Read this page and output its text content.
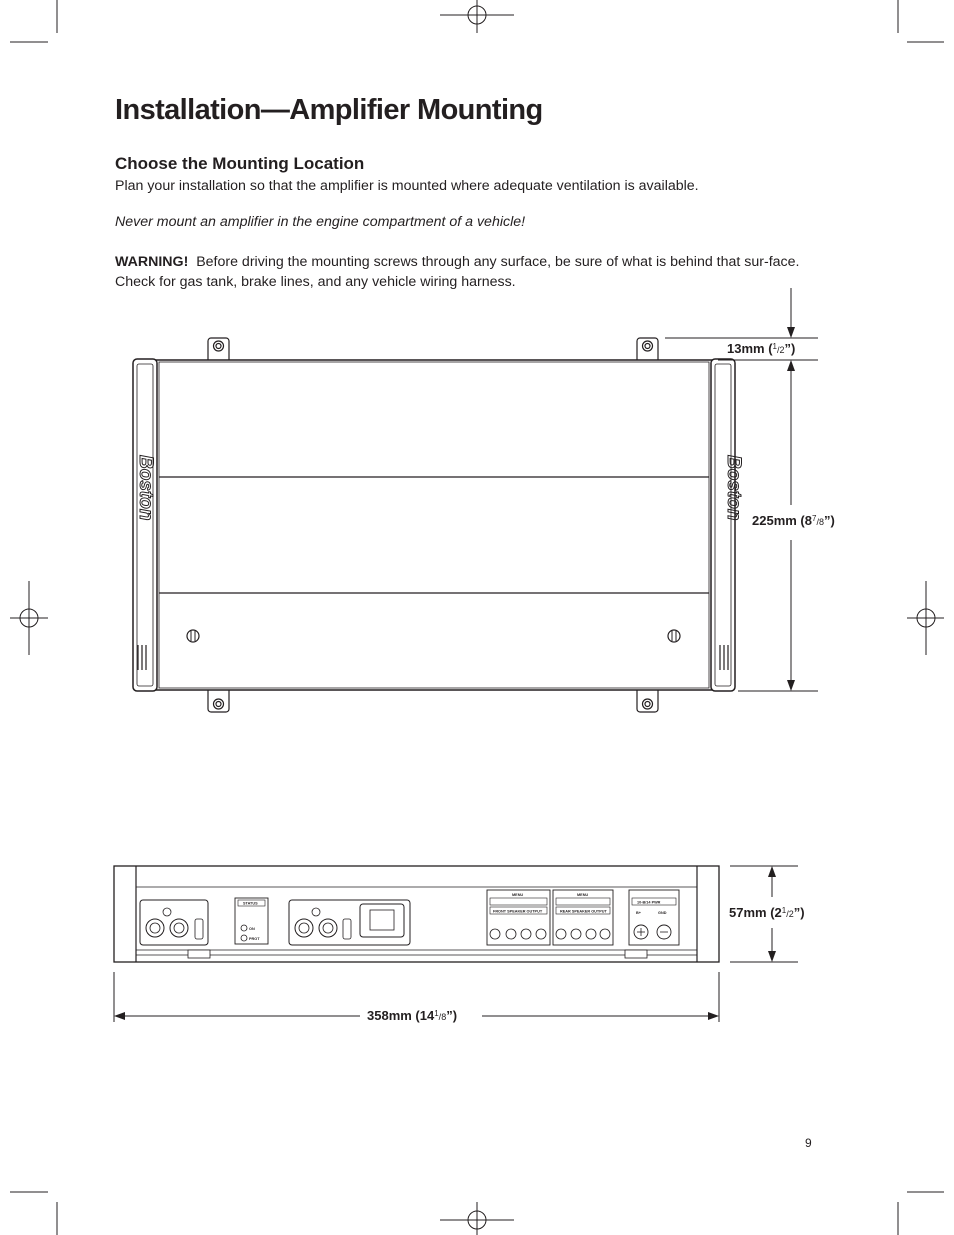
Boston	Boston
STATUS
ON
PROT
MENU	MENU
FRONT SPEAKER OUTPUT	REAR SPEAKER OUTPUT
10-B/14 PWR
B+	GND
Installation—Amplifier Mounting
Choose the Mounting Location
Plan your installation so that the amplifier is mounted where adequate ventilation is available.
Never mount an amplifier in the engine compartment of a vehicle!
WARNING! Before driving the mounting screws through any surface, be sure of what is behind that sur-face. Check for gas tank, brake lines, and any vehicle wiring harness.
13mm ($^1$/2”)
225mm $(8^7/8”)$
57mm $(2^1/2”)$
358mm $(14^1/8”)$
9
